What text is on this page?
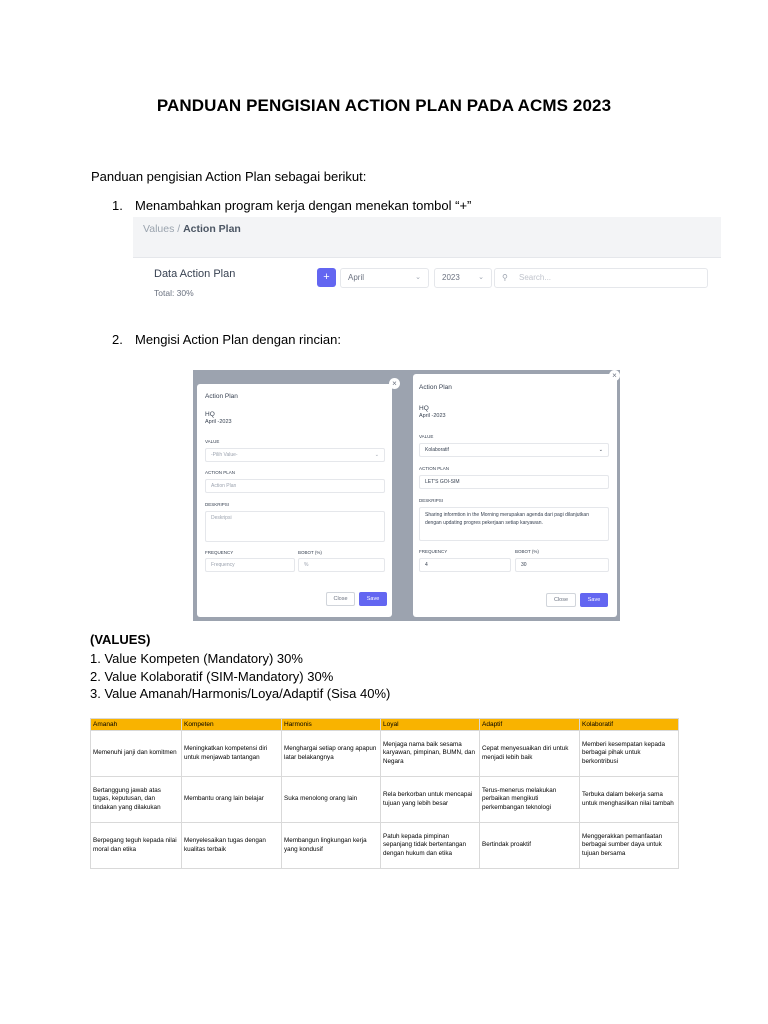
PANDUAN PENGISIAN ACTION PLAN PADA ACMS 2023
Panduan pengisian Action Plan sebagai berikut:
1. Menambahkan program kerja dengan menekan tombol “+”
Values / Action Plan
Data Action Plan
Total: 30%
+	April	⌄	2023	⌄ ⚲ Search...
2. Mengisi Action Plan dengan rincian:
Action Plan
HQ
April -2023
VALUE
-Pilih Value-	⌄
ACTION PLAN
Action Plan
DESKRIPSI
Deskripsi
FREQUENCY	BOBOT (%)
Frequency	%
Close	Save
×	Action Plan
HQ
April -2023
VALUE
Kolaboratif	⌄
ACTION PLAN
LET'S GOI-SIM
DESKRIPSI
Sharing informtion in the Morning merupakan agenda dari pagi dilanjutkan dengan updating progres pekerjaan setiap karyawan.
FREQUENCY	BOBOT (%)
4	30
Close	Save
×
(VALUES)
1. Value Kompeten (Mandatory) 30%
2. Value Kolaboratif (SIM-Mandatory) 30%
3. Value Amanah/Harmonis/Loya/Adaptif (Sisa 40%)
Amanah	Kompeten	Harmonis	Loyal	Adaptif	Kolaboratif
Memenuhi janji dan komitmen	Meningkatkan kompetensi diri untuk menjawab tantangan	Menghargai setiap orang apapun latar belakangnya	Menjaga nama baik sesama karyawan, pimpinan, BUMN, dan Negara	Cepat menyesuaikan diri untuk menjadi lebih baik	Memberi kesempatan kepada berbagai pihak untuk berkontribusi
Bertanggung jawab atas tugas, keputusan, dan tindakan yang dilakukan	Membantu orang lain belajar	Suka menolong orang lain	Rela berkorban untuk mencapai tujuan yang lebih besar	Terus-menerus melakukan perbaikan mengikuti perkembangan teknologi	Terbuka dalam bekerja sama untuk menghasilkan nilai tambah
Berpegang teguh kepada nilai moral dan etika	Menyelesaikan tugas dengan kualitas terbaik	Membangun lingkungan kerja yang kondusif	Patuh kepada pimpinan sepanjang tidak bertentangan dengan hukum dan etika	Bertindak proaktif	Menggerakkan pemanfaatan berbagai sumber daya untuk tujuan bersama
